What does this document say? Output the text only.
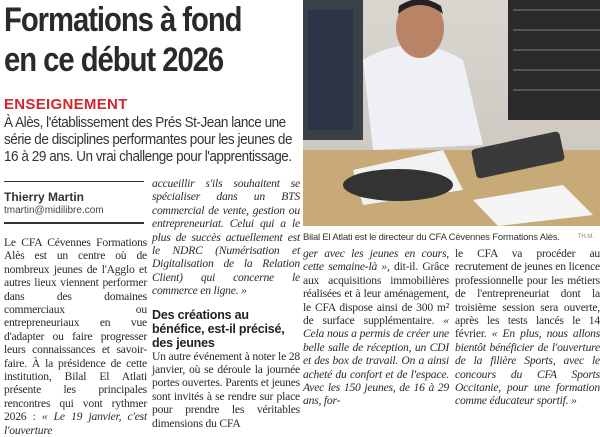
Formations à fond
en ce début 2026
ENSEIGNEMENT
À Alès, l'établissement des Prés St-Jean lance une série de disciplines performantes pour les jeunes de 16 à 29 ans. Un vrai challenge pour l'apprentissage.
Thierry Martin
tmartin@midilibre.com
Le CFA Cévennes Formations Alès est un centre où de nombreux jeunes de l'Agglo et autres lieux viennent performer dans des domaines commerciaux ou entrepreneuriaux en vue d'adapter ou faire progresser leurs connaissances et savoir-faire. À la présidence de cette institution, Bilal El Atlati présente les principales rencontres qui vont rythmer 2026 : « Le 19 janvier, c'est l'ouverture
accueillir s'ils souhaitent se spécialiser dans un BTS commercial de vente, gestion ou entrepreneuriat. Celui qui a le plus de succès actuellement est le NDRC (Numérisation et Digitalisation de la Relation Client) qui concerne le commerce en ligne. »
Des créations au bénéfice, est-il précisé, des jeunes
Un autre événement à noter le 28 janvier, où se déroule la journée portes ouvertes. Parents et jeunes sont invités à se rendre sur place pour prendre les véritables dimensions du CFA
Bilal El Atlati est le directeur du CFA Cévennes Formations Alès.	TH.M.
ger avec les jeunes en cours, cette semaine-là », dit-il. Grâce aux acquisitions immobilières réalisées et à leur aménagement, le CFA dispose ainsi de 300 m² de surface supplémentaire. « Cela nous a permis de créer une belle salle de réception, un CDI et des box de travail. On a ainsi acheté du confort et de l'espace. Avec les 150 jeunes, de 16 à 29 ans, for-
le CFA va procéder au recrutement de jeunes en licence professionnelle pour les métiers de l'entrepreneuriat dont la troisième session sera ouverte, après les tests lancés le 14 février. « En plus, nous allons bientôt bénéficier de l'ouverture de la filière Sports, avec le concours du CFA Sports Occitanie, pour une formation comme éducateur sportif. »
